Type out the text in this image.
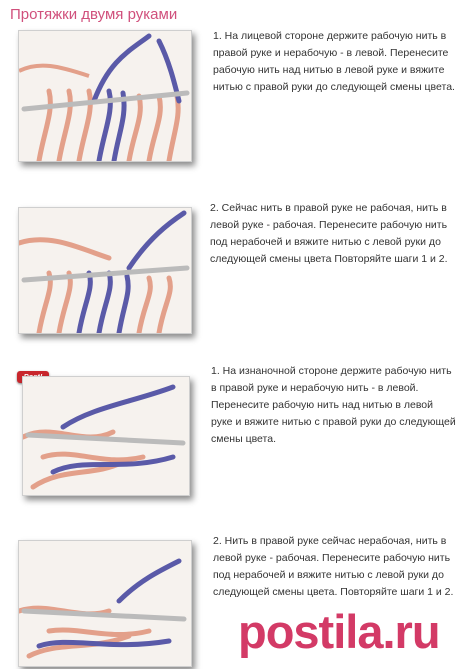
Протяжки двумя руками
1. На лицевой стороне держите рабочую нить в правой руке и нерабочую - в левой. Перенесите рабочую нить над нитью в левой руке и вяжите нитью с правой руки до следующей смены цвета.
2. Сейчас нить в правой руке не рабочая, нить в левой руке - рабочая. Перенесите рабочую нить под нерабочей и вяжите нитью с левой руки до следующей смены цвета Повторяйте шаги 1 и 2.
1. На изнаночной стороне держите рабочую нить в правой руке и нерабочую нить - в левой. Перенесите рабочую нить над нитью в левой руке и вяжите нитью с правой руки до следующей смены цвета.
2. Нить в правой руке сейчас нерабочая, нить в левой руке - рабочая. Перенесите рабочую нить под нерабочей и вяжите нитью с левой руки до следующей смены цвета. Повторяйте шаги 1 и 2.
postila.ru
